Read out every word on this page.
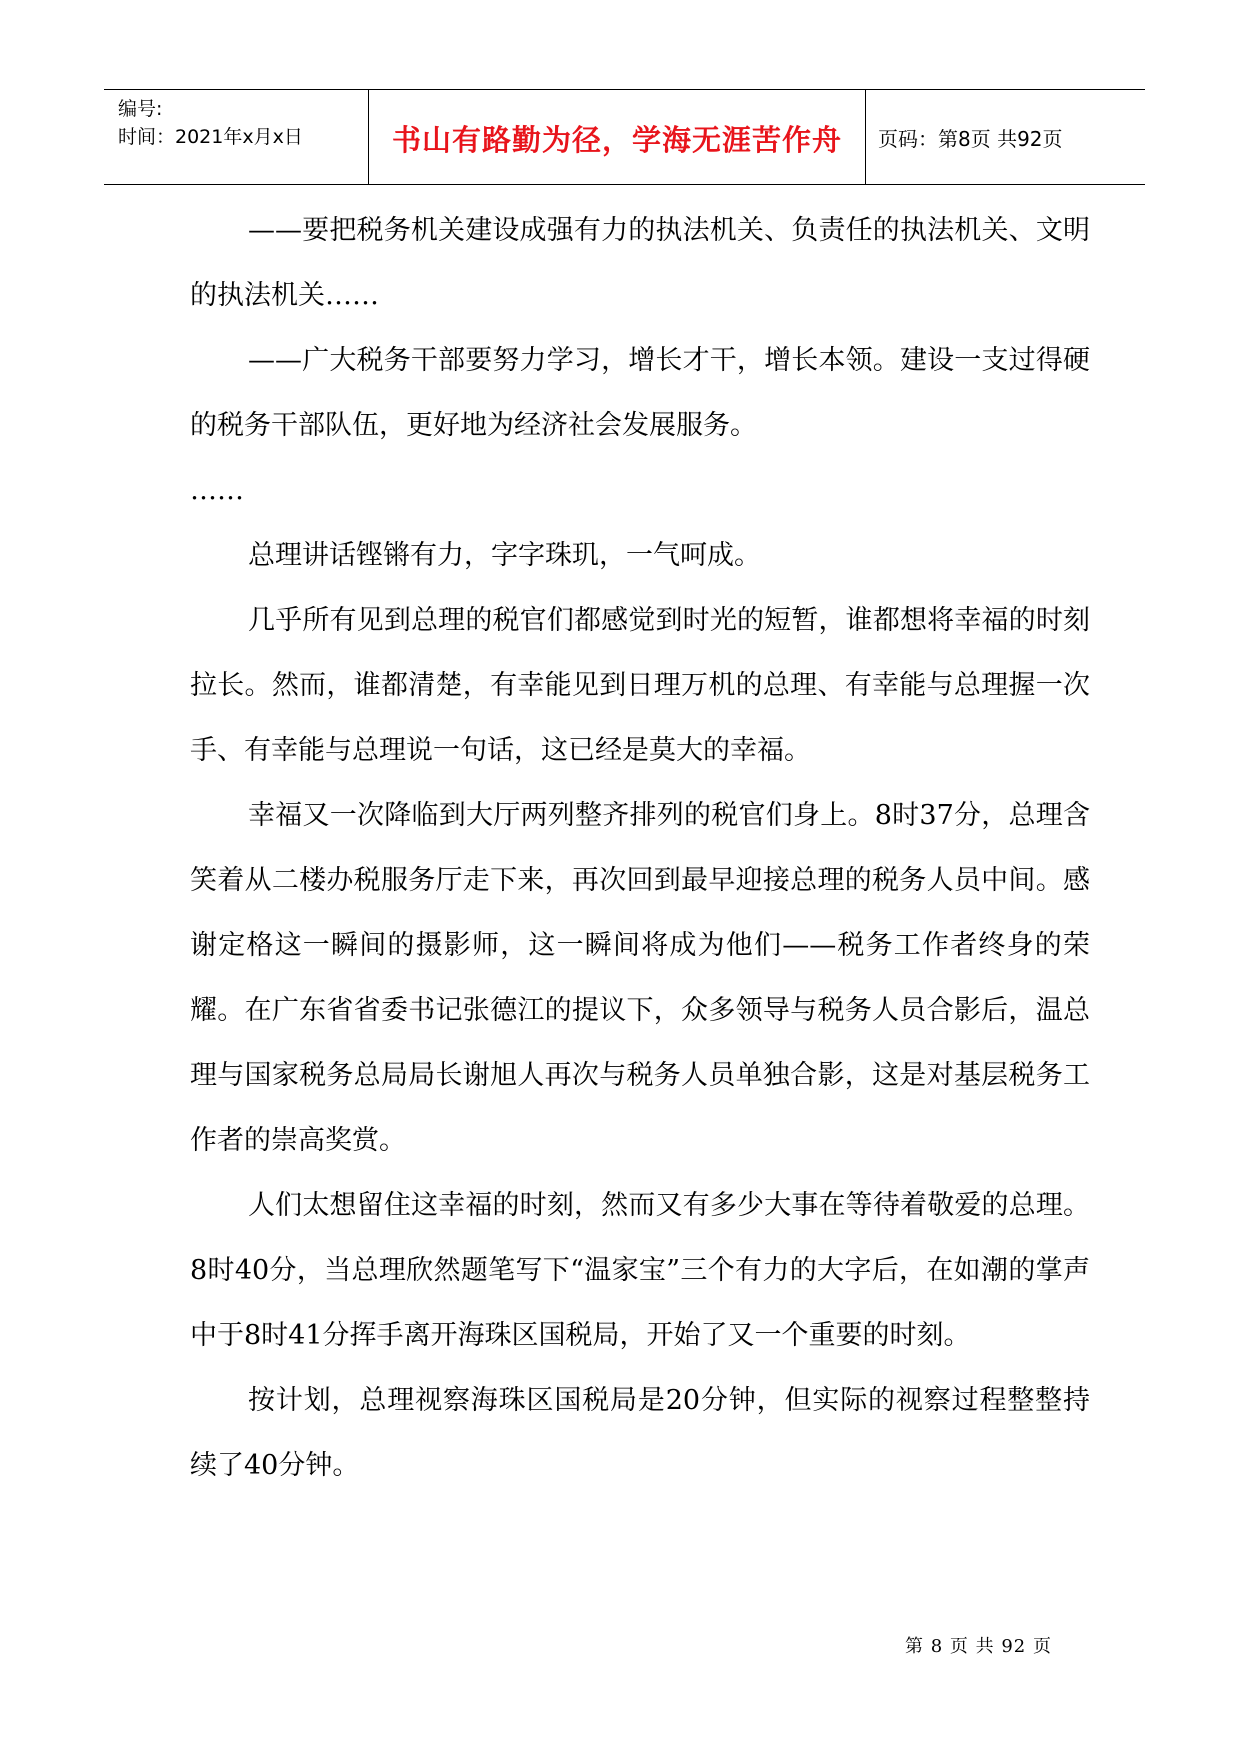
编号:
时间：2021年x月x日	书山有路勤为径，学海无涯苦作舟 页码：第8页 共92页

——要把税务机关建设成强有力的执法机关、负责任的执法机关、文明的执法机关……

——广大税务干部要努力学习，增长才干，增长本领。建设一支过得硬的税务干部队伍，更好地为经济社会发展服务。

……

总理讲话铿锵有力，字字珠玑，一气呵成。

几乎所有见到总理的税官们都感觉到时光的短暂，谁都想将幸福的时刻拉长。然而，谁都清楚，有幸能见到日理万机的总理、有幸能与总理握一次手、有幸能与总理说一句话，这已经是莫大的幸福。

幸福又一次降临到大厅两列整齐排列的税官们身上。8时37分，总理含笑着从二楼办税服务厅走下来，再次回到最早迎接总理的税务人员中间。感谢定格这一瞬间的摄影师，这一瞬间将成为他们——税务工作者终身的荣耀。在广东省省委书记张德江的提议下，众多领导与税务人员合影后，温总理与国家税务总局局长谢旭人再次与税务人员单独合影，这是对基层税务工作者的崇高奖赏。

人们太想留住这幸福的时刻，然而又有多少大事在等待着敬爱的总理。8时40分，当总理欣然题笔写下“温家宝”三个有力的大字后，在如潮的掌声中于8时41分挥手离开海珠区国税局，开始了又一个重要的时刻。

按计划，总理视察海珠区国税局是20分钟，但实际的视察过程整整持续了40分钟。

第 8 页 共 92 页
